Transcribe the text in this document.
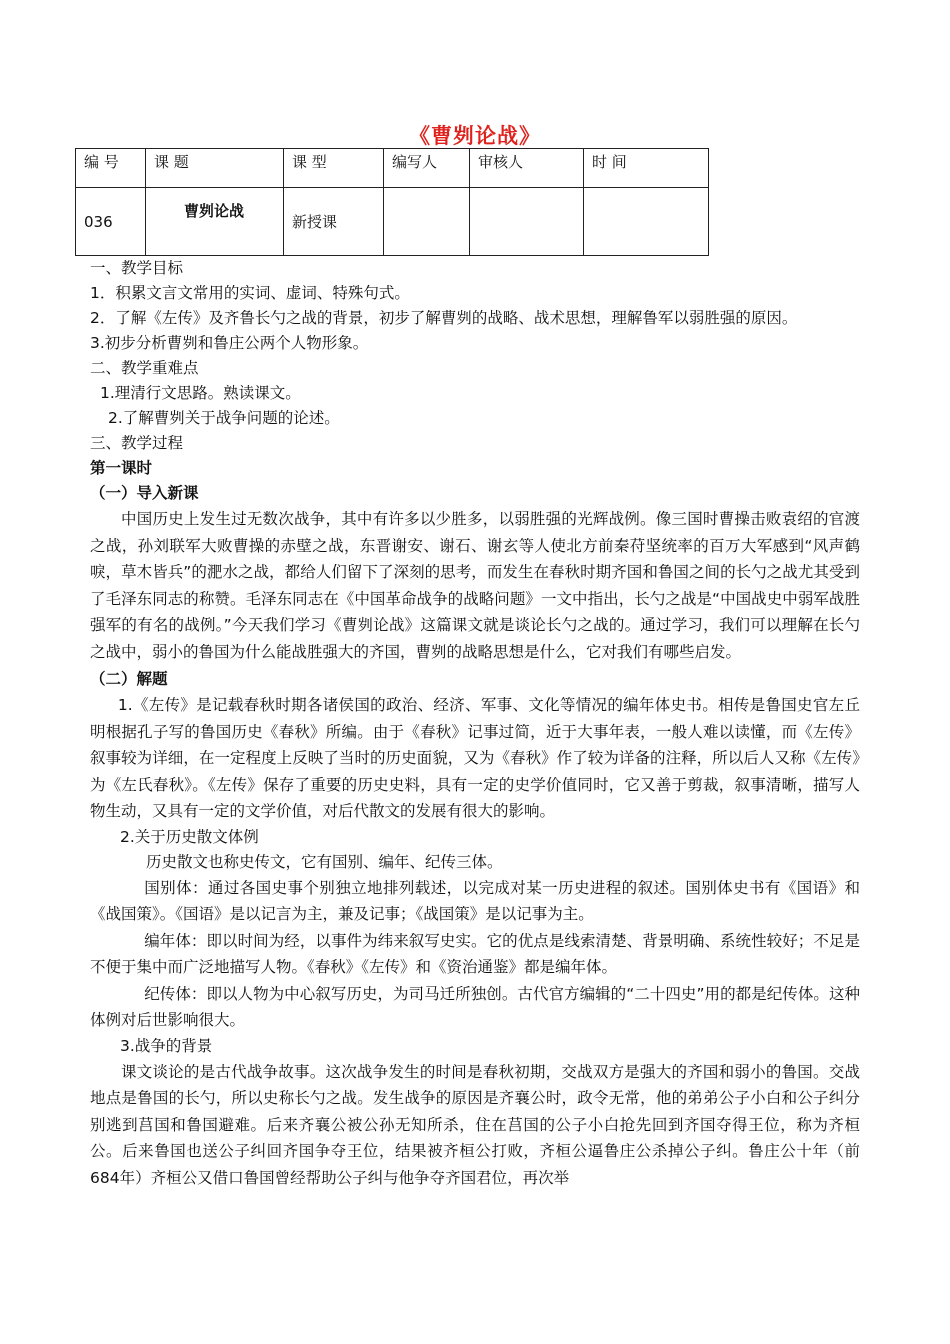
《曹刿论战》
编 号	课 题	课 型	编写人	审核人	时 间
036	曹刿论战	新授课			
一、教学目标
1．积累文言文常用的实词、虚词、特殊句式。
2．了解《左传》及齐鲁长勺之战的背景，初步了解曹刿的战略、战术思想，理解鲁军以弱胜强的原因。
3.初步分析曹刿和鲁庄公两个人物形象。
二、教学重难点
1.理清行文思路。熟读课文。
2.了解曹刿关于战争问题的论述。
三、教学过程
第一课时
（一）导入新课
中国历史上发生过无数次战争，其中有许多以少胜多，以弱胜强的光辉战例。像三国时曹操击败袁绍的官渡之战，孙刘联军大败曹操的赤壁之战，东晋谢安、谢石、谢玄等人使北方前秦苻坚统率的百万大军感到“风声鹤唳，草木皆兵”的淝水之战，都给人们留下了深刻的思考，而发生在春秋时期齐国和鲁国之间的长勺之战尤其受到了毛泽东同志的称赞。毛泽东同志在《中国革命战争的战略问题》一文中指出，长勺之战是“中国战史中弱军战胜强军的有名的战例。”今天我们学习《曹刿论战》这篇课文就是谈论长勺之战的。通过学习，我们可以理解在长勺之战中，弱小的鲁国为什么能战胜强大的齐国，曹刿的战略思想是什么，它对我们有哪些启发。
（二）解题
1.《左传》是记载春秋时期各诸侯国的政治、经济、军事、文化等情况的编年体史书。相传是鲁国史官左丘明根据孔子写的鲁国历史《春秋》所编。由于《春秋》记事过简，近于大事年表，一般人难以读懂，而《左传》叙事较为详细，在一定程度上反映了当时的历史面貌，又为《春秋》作了较为详备的注释，所以后人又称《左传》为《左氏春秋》。《左传》保存了重要的历史史料，具有一定的史学价值同时，它又善于剪裁，叙事清晰，描写人物生动，又具有一定的文学价值，对后代散文的发展有很大的影响。
2.关于历史散文体例
历史散文也称史传文，它有国别、编年、纪传三体。
国别体：通过各国史事个别独立地排列载述，以完成对某一历史进程的叙述。国别体史书有《国语》和《战国策》。《国语》是以记言为主，兼及记事；《战国策》是以记事为主。
编年体：即以时间为经，以事件为纬来叙写史实。它的优点是线索清楚、背景明确、系统性较好；不足是不便于集中而广泛地描写人物。《春秋》《左传》和《资治通鉴》都是编年体。
纪传体：即以人物为中心叙写历史，为司马迁所独创。古代官方编辑的“二十四史”用的都是纪传体。这种体例对后世影响很大。
3.战争的背景
课文谈论的是古代战争故事。这次战争发生的时间是春秋初期，交战双方是强大的齐国和弱小的鲁国。交战地点是鲁国的长勺，所以史称长勺之战。发生战争的原因是齐襄公时，政令无常，他的弟弟公子小白和公子纠分别逃到莒国和鲁国避难。后来齐襄公被公孙无知所杀，住在莒国的公子小白抢先回到齐国夺得王位，称为齐桓公。后来鲁国也送公子纠回齐国争夺王位，结果被齐桓公打败，齐桓公逼鲁庄公杀掉公子纠。鲁庄公十年（前684年）齐桓公又借口鲁国曾经帮助公子纠与他争夺齐国君位，再次举
